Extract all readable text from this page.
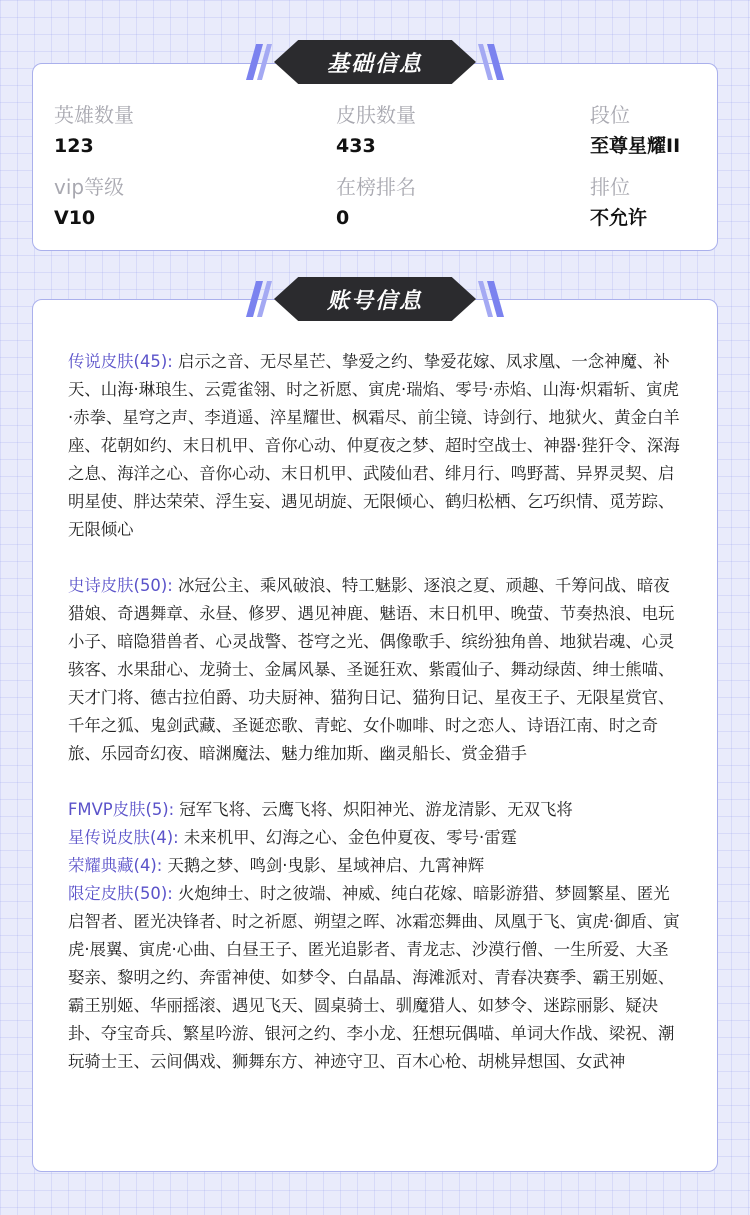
基础信息
英雄数量
123
皮肤数量
433
段位
至尊星耀II
vip等级
V10
在榜排名
0
排位
不允许
账号信息
传说皮肤(45): 启示之音、无尽星芒、挚爱之约、挚爱花嫁、凤求凰、一念神魔、补天、山海·琳琅生、云霓雀翎、时之祈愿、寅虎·瑞焰、零号·赤焰、山海·炽霜斩、寅虎·赤拳、星穹之声、李逍遥、淬星耀世、枫霜尽、前尘镜、诗剑行、地狱火、黄金白羊座、花朝如约、末日机甲、音你心动、仲夏夜之梦、超时空战士、神器·狴犴令、深海之息、海洋之心、音你心动、末日机甲、武陵仙君、绯月行、鸣野蒿、异界灵契、启明星使、胖达荣荣、浮生妄、遇见胡旋、无限倾心、鹤归松栖、乞巧织情、觅芳踪、无限倾心
史诗皮肤(50): 冰冠公主、乘风破浪、特工魅影、逐浪之夏、顽趣、千筹问战、暗夜猎娘、奇遇舞章、永昼、修罗、遇见神鹿、魅语、末日机甲、晚萤、节奏热浪、电玩小子、暗隐猎兽者、心灵战警、苍穹之光、偶像歌手、缤纷独角兽、地狱岩魂、心灵骇客、水果甜心、龙骑士、金属风暴、圣诞狂欢、紫霞仙子、舞动绿茵、绅士熊喵、天才门将、德古拉伯爵、功夫厨神、猫狗日记、猫狗日记、星夜王子、无限星赏官、千年之狐、鬼剑武藏、圣诞恋歌、青蛇、女仆咖啡、时之恋人、诗语江南、时之奇旅、乐园奇幻夜、暗渊魔法、魅力维加斯、幽灵船长、赏金猎手
FMVP皮肤(5): 冠军飞将、云鹰飞将、炽阳神光、游龙清影、无双飞将
星传说皮肤(4): 未来机甲、幻海之心、金色仲夏夜、零号·雷霆
荣耀典藏(4): 天鹅之梦、鸣剑·曳影、星域神启、九霄神辉
限定皮肤(50): 火炮绅士、时之彼端、神威、纯白花嫁、暗影游猎、梦圆繁星、匿光启智者、匿光决锋者、时之祈愿、朔望之晖、冰霜恋舞曲、凤凰于飞、寅虎·御盾、寅虎·展翼、寅虎·心曲、白昼王子、匿光追影者、青龙志、沙漠行僧、一生所爱、大圣娶亲、黎明之约、奔雷神使、如梦令、白晶晶、海滩派对、青春决赛季、霸王别姬、霸王别姬、华丽摇滚、遇见飞天、圆桌骑士、驯魔猎人、如梦令、迷踪丽影、疑决卦、夺宝奇兵、繁星吟游、银河之约、李小龙、狂想玩偶喵、单词大作战、梁祝、潮玩骑士王、云间偶戏、狮舞东方、神迹守卫、百木心枪、胡桃异想国、女武神
